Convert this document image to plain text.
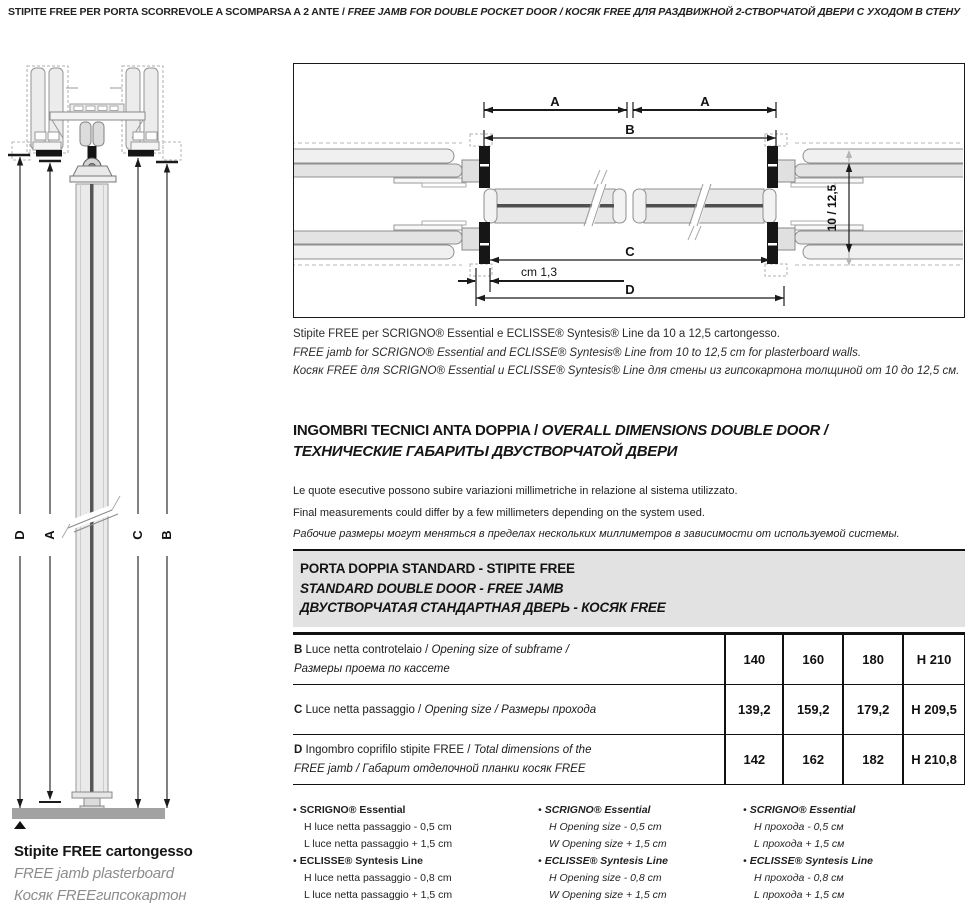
STIPITE FREE PER PORTA SCORREVOLE A SCOMPARSA A 2 ANTE / FREE JAMB FOR DOUBLE POCKET DOOR / КОСЯК FREE ДЛЯ РАЗДВИЖНОЙ 2-СТВОРЧАТОЙ ДВЕРИ С УХОДОМ В СТЕНУ
D A	C B
Stipite FREE cartongesso
FREE jamb plasterboard
Косяк FREEгипсокартон
A	A
B
C
cm 1,3
D
10 / 12,5
Stipite FREE per SCRIGNO® Essential e ECLISSE® Syntesis® Line da 10 a 12,5 cartongesso.
FREE jamb for SCRIGNO® Essential and ECLISSE® Syntesis® Line from 10 to 12,5 cm for plasterboard walls.
Косяк FREE для SCRIGNO® Essential и ECLISSE® Syntesis® Line для стены из гипсокартона толщиной от 10 до 12,5 см.
INGOMBRI TECNICI ANTA DOPPIA / OVERALL DIMENSIONS DOUBLE DOOR /
ТЕХНИЧЕСКИЕ ГАБАРИТЫ ДВУСТВОРЧАТОЙ ДВЕРИ
Le quote esecutive possono subire variazioni millimetriche in relazione al sistema utilizzato.
Final measurements could differ by a few millimeters depending on the system used.
Рабочие размеры могут меняться в пределах нескольких миллиметров в зависимости от используемой системы.
PORTA DOPPIA STANDARD - STIPITE FREE
STANDARD DOUBLE DOOR - FREE JAMB
ДВУСТВОРЧАТАЯ СТАНДАРТНАЯ ДВЕРЬ - КОСЯК FREE
B Luce netta controtelaio / Opening size of subframe /
Размеры проема по кассете
140	160	180	H 210
C Luce netta passaggio / Opening size / Размеры прохода	139,2	159,2	179,2	H 209,5
D Ingombro coprifilo stipite FREE / Total dimensions of the
FREE jamb / Габарит отделочной планки косяк FREE
142	162	182	H 210,8
• SCRIGNO® Essential
H luce netta passaggio - 0,5 cm
L luce netta passaggio + 1,5 cm
• ECLISSE® Syntesis Line
H luce netta passaggio - 0,8 cm
L luce netta passaggio + 1,5 cm
• SCRIGNO® Essential
H Opening size - 0,5 cm
W Opening size + 1,5 cm
• ECLISSE® Syntesis Line
H Opening size - 0,8 cm
W Opening size + 1,5 cm
• SCRIGNO® Essential
H прохода - 0,5 см
L прохода + 1,5 см
• ECLISSE® Syntesis Line
H прохода - 0,8 см
L прохода + 1,5 см
